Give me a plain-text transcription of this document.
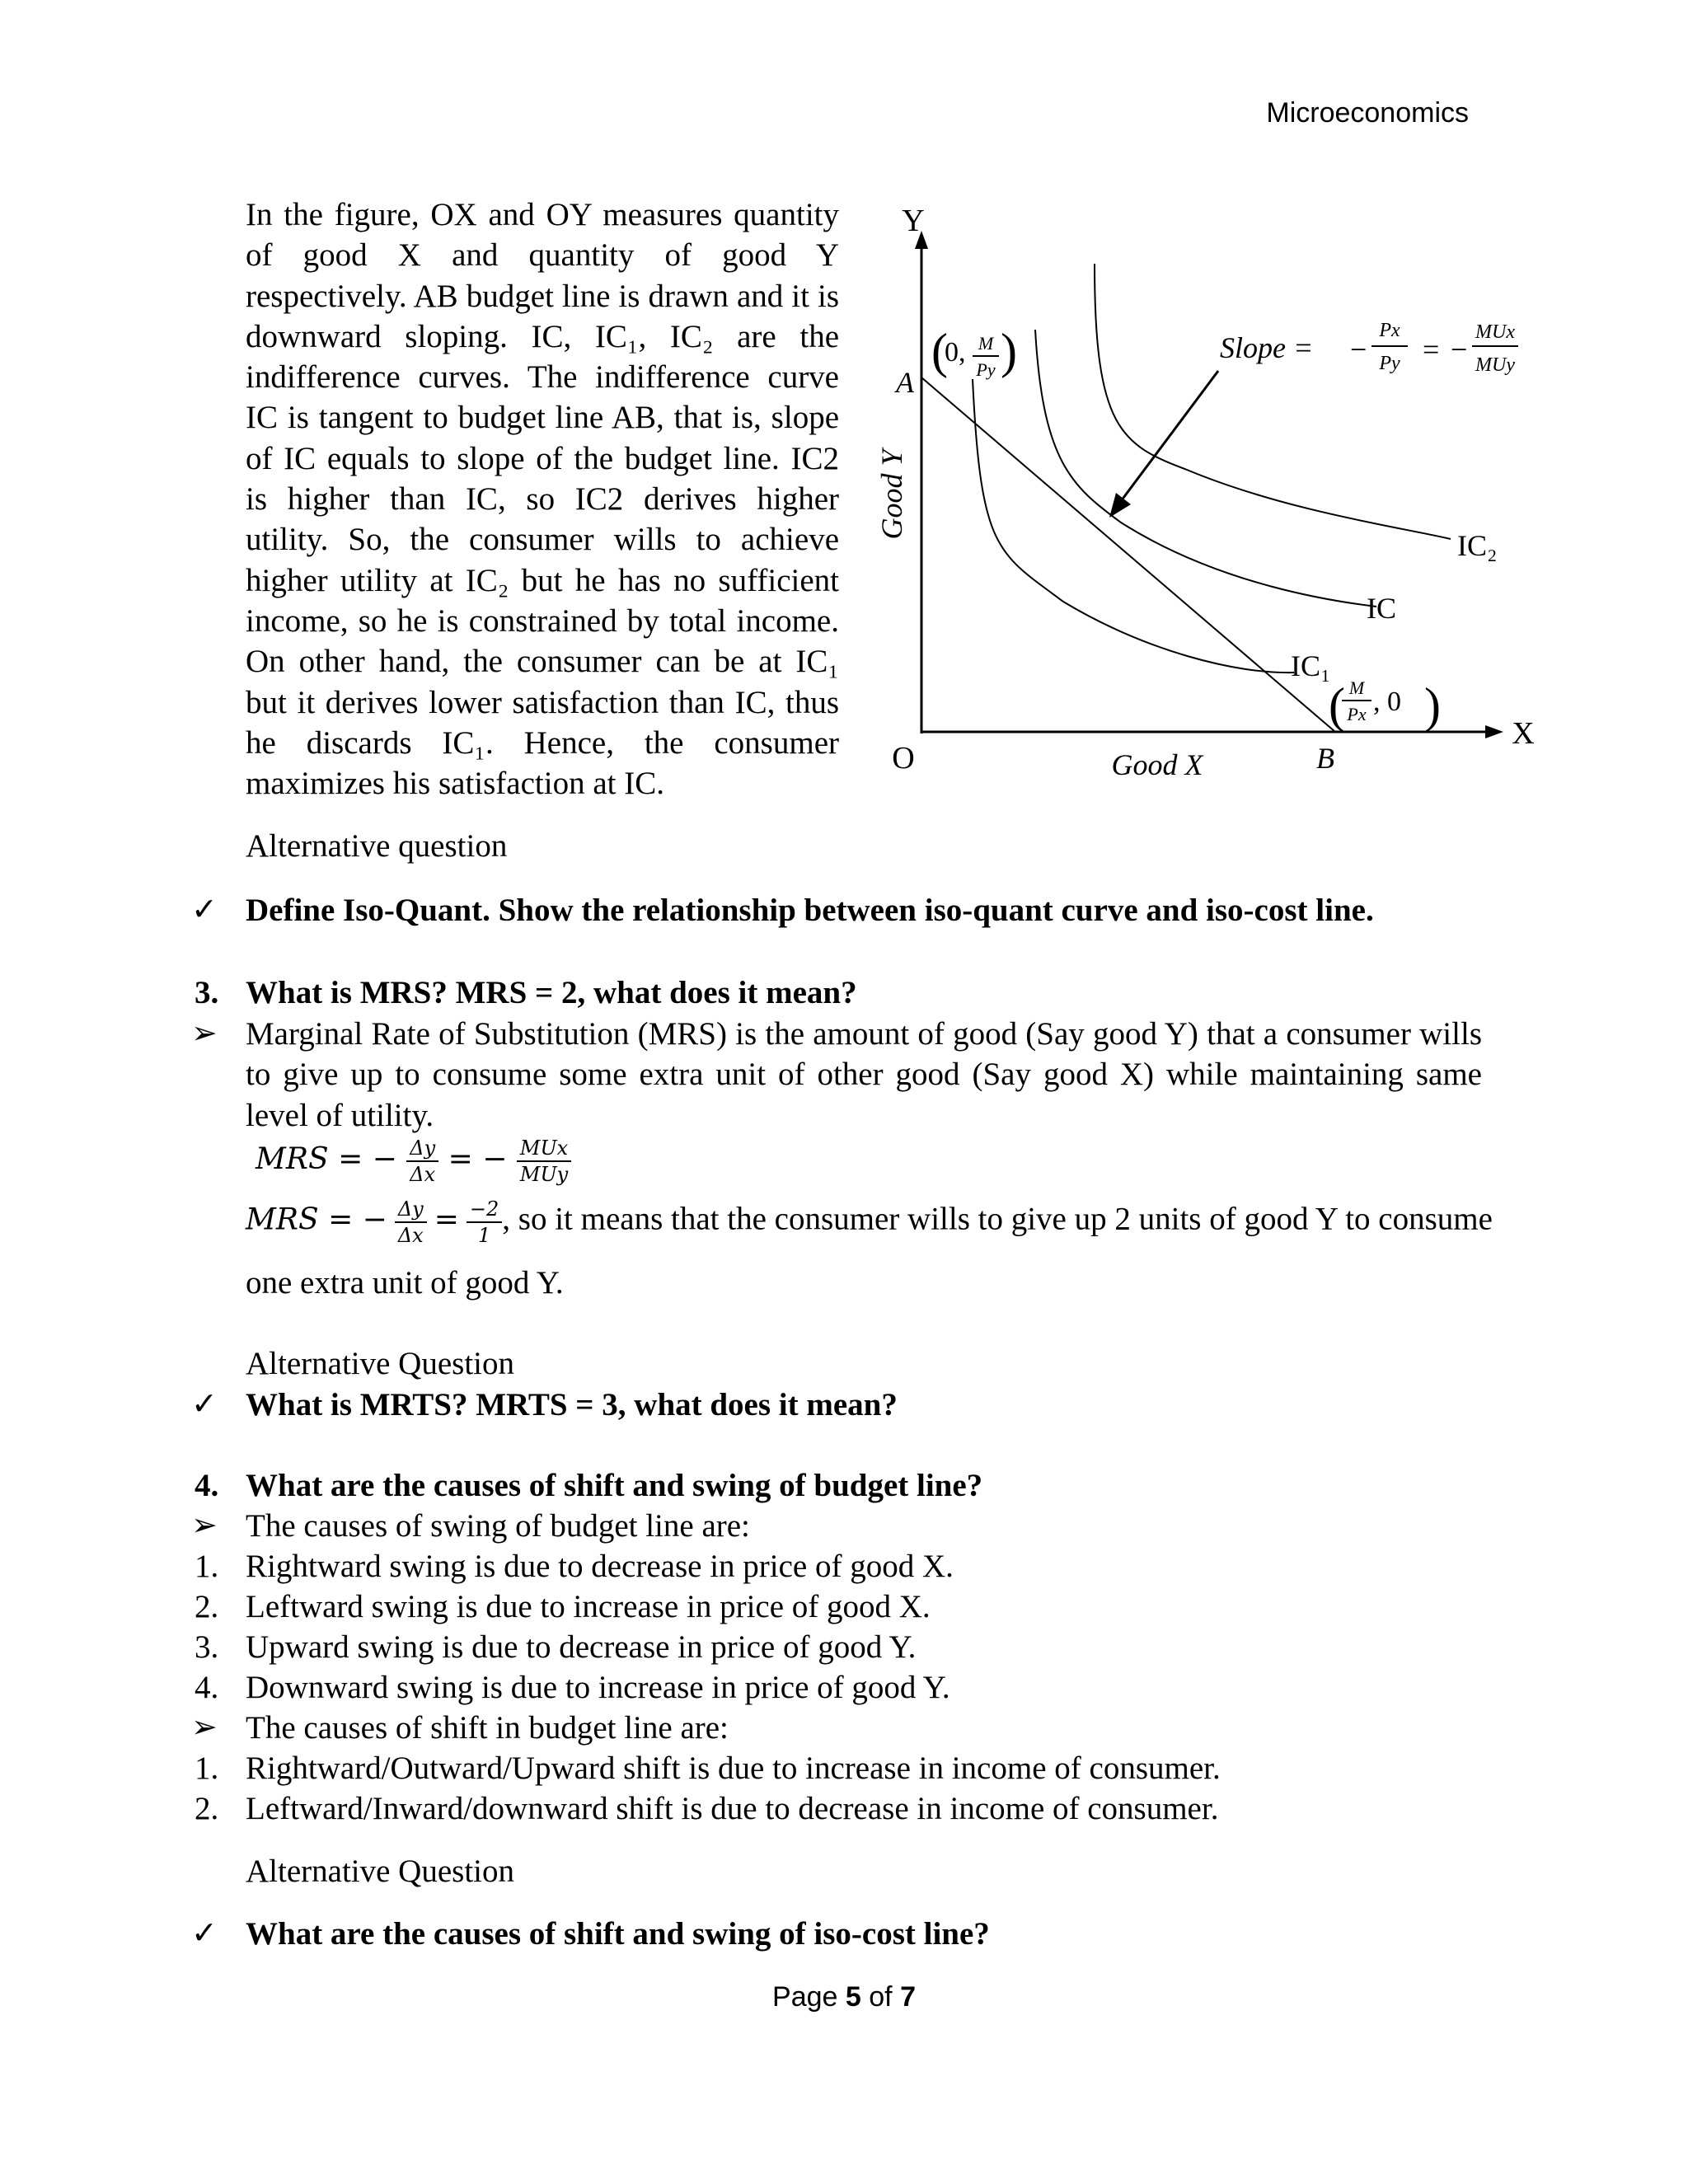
Microeconomics

In the figure, OX and OY measures quantity of good X and quantity of good Y respectively. AB budget line is drawn and it is downward sloping. IC, IC₁, IC₂ are the indifference curves. The indifference curve IC is tangent to budget line AB, that is, slope of IC equals to slope of the budget line. IC2 is higher than IC, so IC2 derives higher utility. So, the consumer wills to achieve higher utility at IC₂ but he has no sufficient income, so he is constrained by total income. On other hand, the consumer can be at IC₁ but it derives lower satisfaction than IC, thus he discards IC₁. Hence, the consumer maximizes his satisfaction at IC.

Y
X
O
A
B
Good Y
Good X
(
0, M
Py )
( M
Px , 0 )
Slope = −
Px
Py = −
MUx
MUy
IC₁
IC
IC₂
Alternative question
✓ Define Iso-Quant. Show the relationship between iso-quant curve and iso-cost line.
3. What is MRS? MRS = 2, what does it mean?
➢ Marginal Rate of Substitution (MRS) is the amount of good (Say good Y) that a consumer wills to give up to consume some extra unit of other good (Say good X) while maintaining same level of utility.

MRS = − $\frac{\Delta y}{\Delta x}$ = − $\frac{\text{MUx}}{\text{MUy}}$
MRS = − $\frac{\Delta y}{\Delta x} = \frac{-2}{1}$ , so it means that the consumer wills to give up 2 units of good Y to consume
one extra unit of good Y.
Alternative Question
✓ What is MRTS? MRTS = 3, what does it mean?
4. What are the causes of shift and swing of budget line?
➢ The causes of swing of budget line are:
1. Rightward swing is due to decrease in price of good X.
2. Leftward swing is due to increase in price of good X.
3. Upward swing is due to decrease in price of good Y.
4. Downward swing is due to increase in price of good Y.
➢ The causes of shift in budget line are:
1. Rightward/Outward/Upward shift is due to increase in income of consumer.
2. Leftward/Inward/downward shift is due to decrease in income of consumer.
Alternative Question
✓ What are the causes of shift and swing of iso-cost line?
Page 5 of 7
